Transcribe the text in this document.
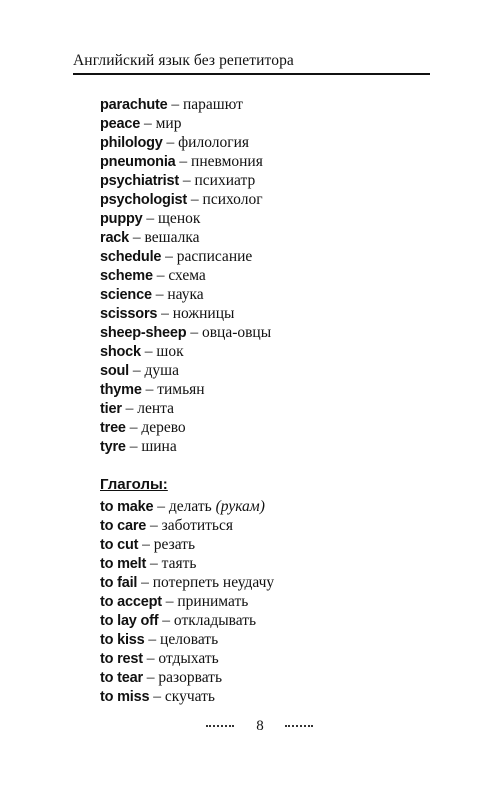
Английский язык без репетитора
parachute – парашют
peace – мир
philology – филология
pneumonia – пневмония
psychiatrist – психиатр
psychologist – психолог
puppy – щенок
rack – вешалка
schedule – расписание
scheme – схема
science – наука
scissors – ножницы
sheep-sheep – овца-овцы
shock – шок
soul – душа
thyme – тимьян
tier – лента
tree – дерево
tyre – шина
Глаголы:
to make – делать (рукам)
to care – заботиться
to cut – резать
to melt – таять
to fail – потерпеть неудачу
to accept – принимать
to lay off – откладывать
to kiss – целовать
to rest – отдыхать
to tear – разорвать
to miss – скучать
8
